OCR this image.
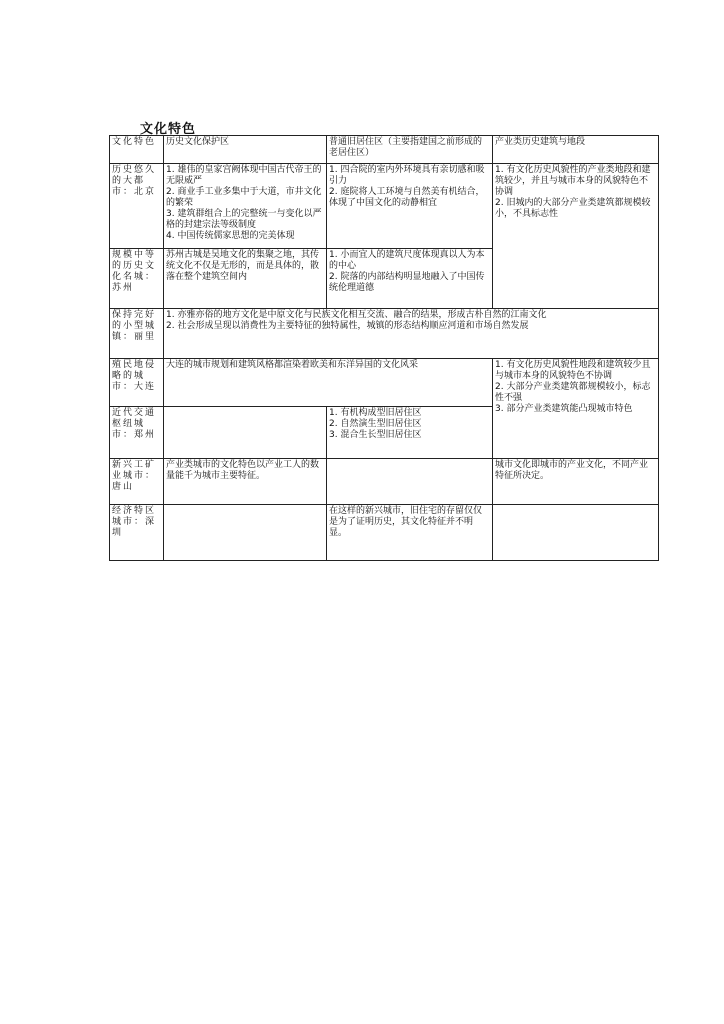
文化特色
文化特色	历史文化保护区	普通旧居住区（主要指建国之前形成的老居住区）	产业类历史建筑与地段

历史悠久的大都市：北京	1. 雄伟的皇家宫阙体现中国古代帝王的无限威严
2. 商业手工业多集中于大道，市井文化的繁荣
3. 建筑群组合上的完整统一与变化以严格的封建宗法等级制度
4. 中国传统儒家思想的完美体现	1. 四合院的室内外环境具有亲切感和吸引力
2. 庭院将人工环境与自然美有机结合，体现了中国文化的动静相宜	1. 有文化历史风貌性的产业类地段和建筑较少，并且与城市本身的风貌特色不协调
2. 旧城内的大部分产业类建筑都规模较小，不具标志性

规模中等的历史文化名城：苏州	苏州古城是吴地文化的集聚之地，其传统文化不仅是无形的，而是具体的，散落在整个建筑空间内	1. 小而宜人的建筑尺度体现真以人为本的中心
2. 院落的内部结构明显地融入了中国传统伦理道德	

保持完好的小型城镇：丽里	1. 亦雅亦俗的地方文化是中原文化与民族文化相互交流、融合的结果，形成古朴自然的江南文化
2. 社会形成呈现以消费性为主要特征的独特属性，城镇的形态结构顺应河道和市场自然发展		

殖民地侵略的城市：大连	大连的城市规划和建筑风格都渲染着欧美和东洋异国的文化风采		1. 有文化历史风貌性地段和建筑较少且与城市本身的风貌特色不协调
2. 大部分产业类建筑都规模较小，标志性不强
3. 部分产业类建筑能凸现城市特色

近代交通枢纽城市：郑州		1. 有机构成型旧居住区
2. 自然演生型旧居住区
3. 混合生长型旧居住区	

新兴工矿业城市：唐山	产业类城市的文化特色以产业工人的数量能千为城市主要特征。		城市文化即城市的产业文化，不同产业特征所决定。

经济特区城市：深圳		在这样的新兴城市，旧住宅的存留仅仅是为了证明历史，其文化特征并不明显。	
